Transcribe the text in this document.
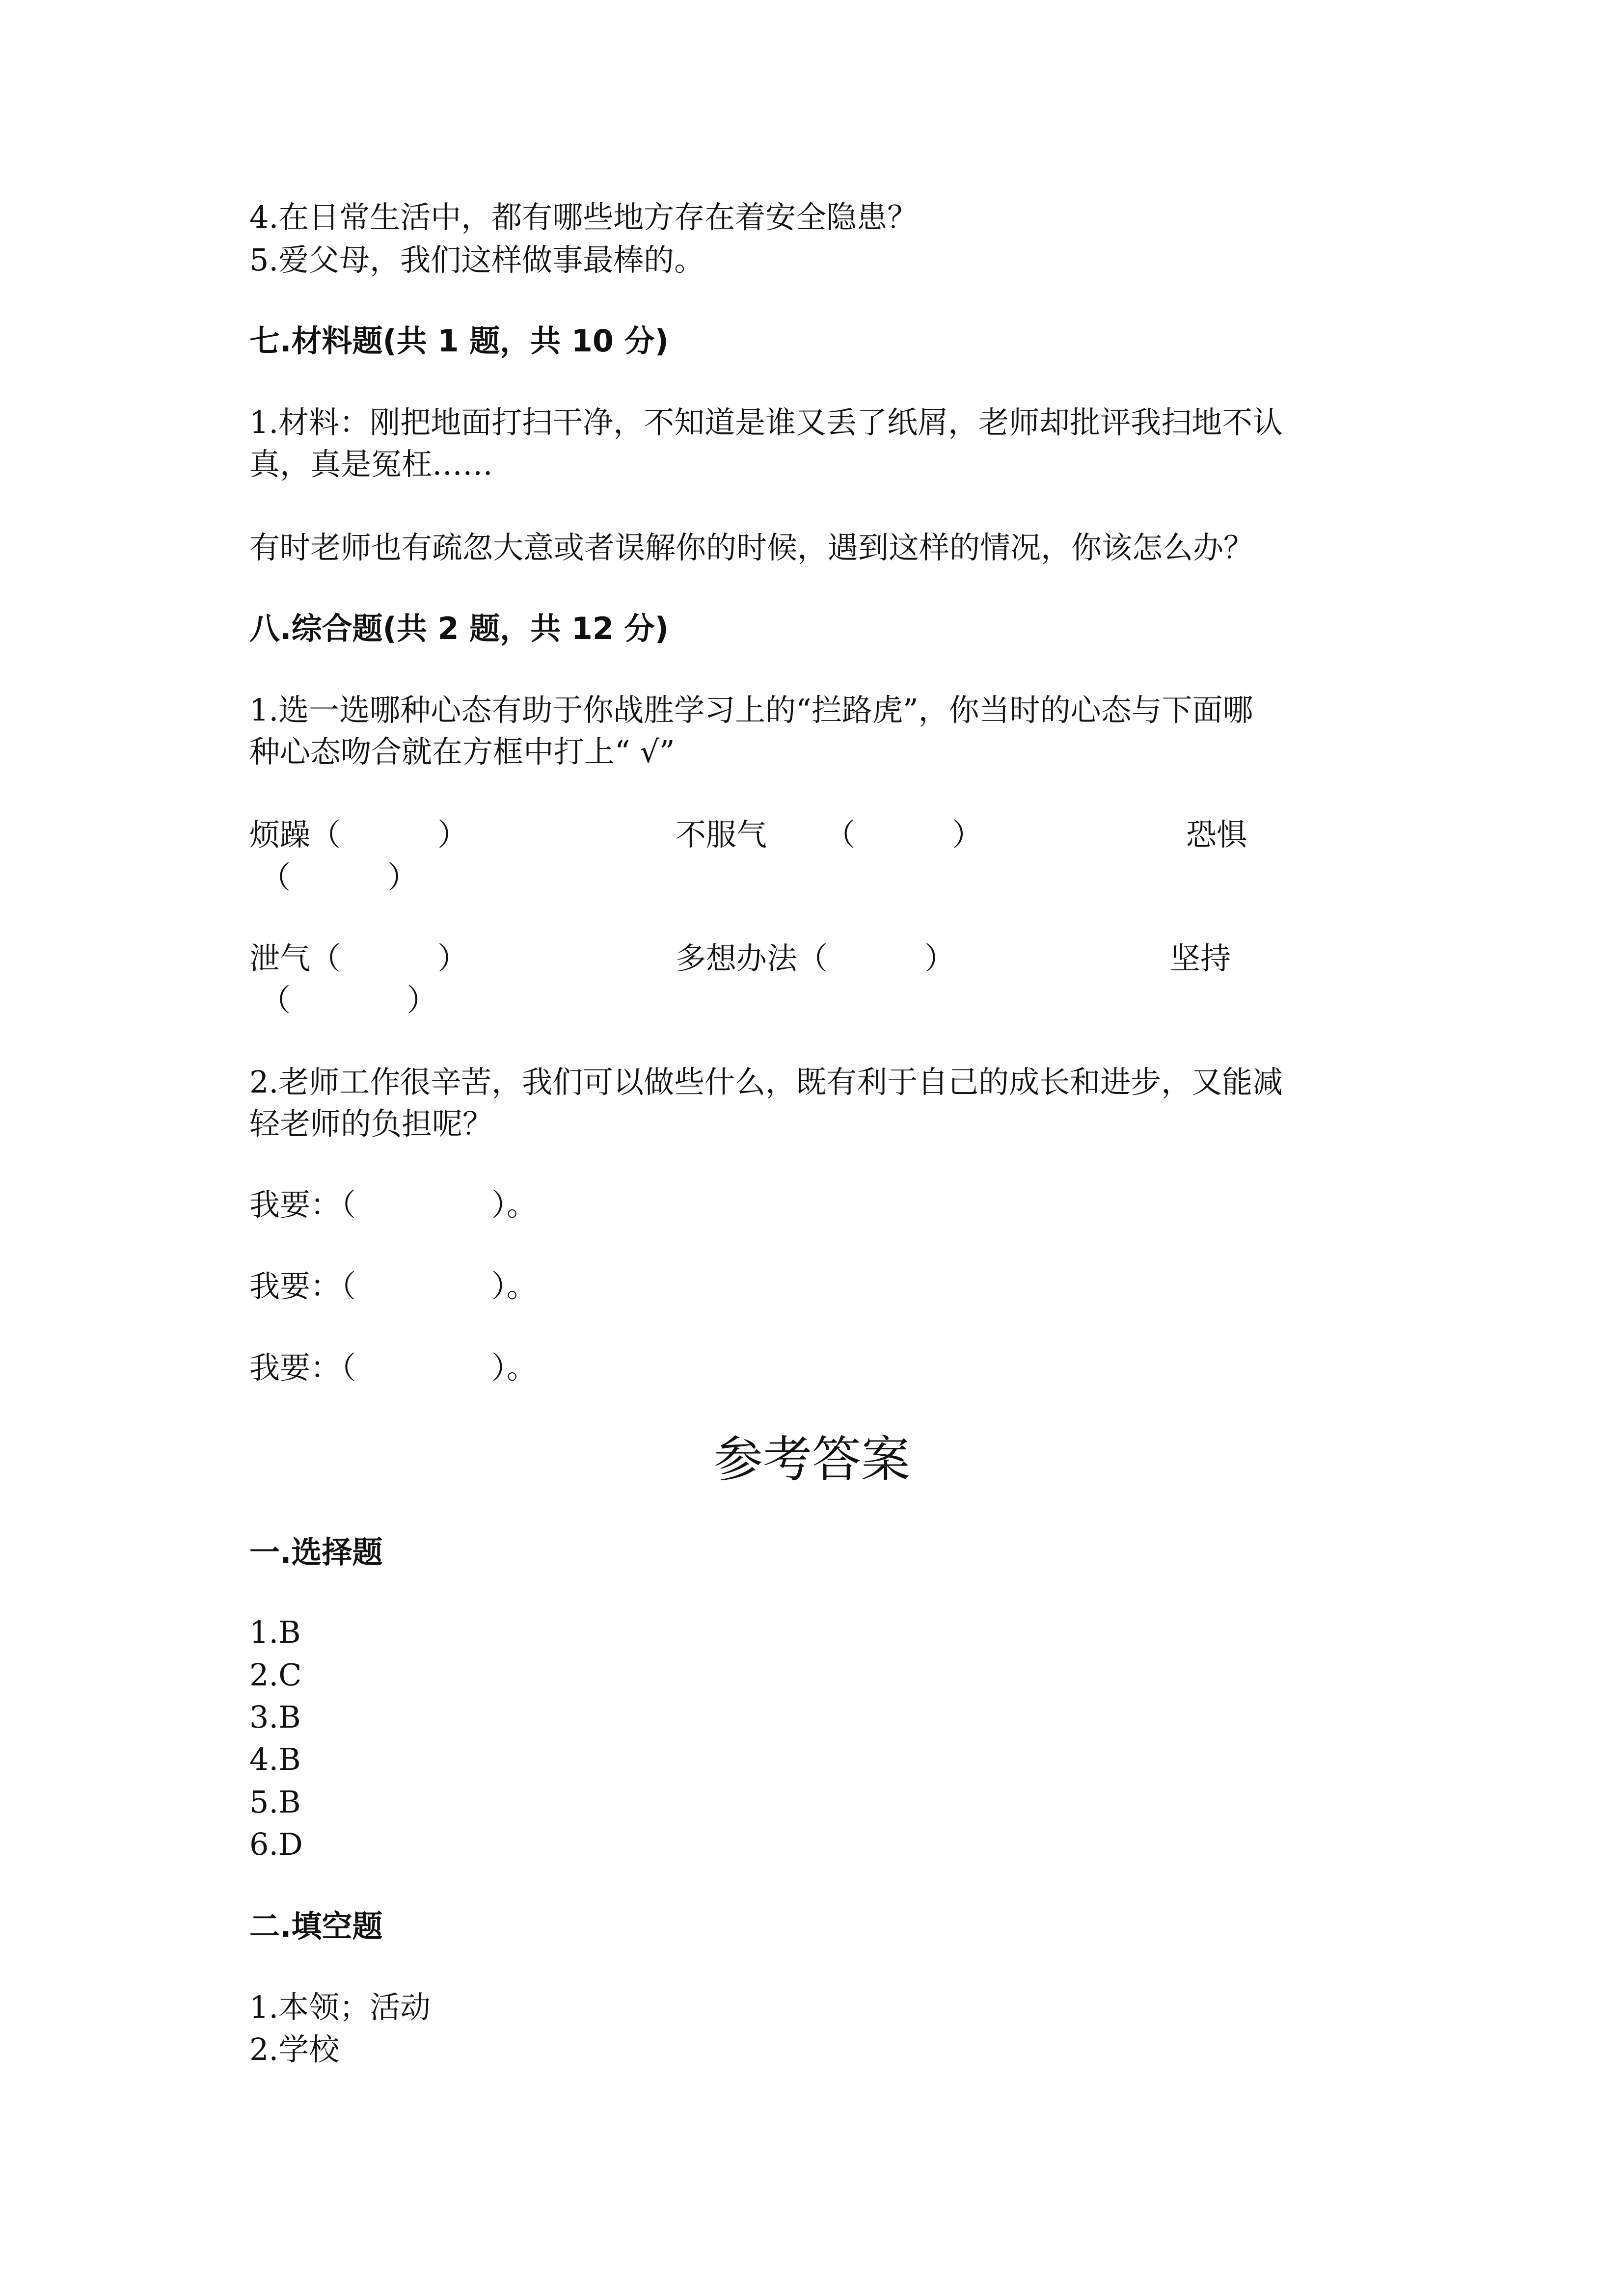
4.在日常生活中，都有哪些地方存在着安全隐患？
5.爱父母，我们这样做事最棒的。
七.材料题(共 1 题，共 10 分)
1.材料：刚把地面打扫干净，不知道是谁又丢了纸屑，老师却批评我扫地不认
真，真是冤枉……
有时老师也有疏忽大意或者误解你的时候，遇到这样的情况，你该怎么办？
八.综合题(共 2 题，共 12 分)
1.选一选哪种心态有助于你战胜学习上的“拦路虎”，你当时的心态与下面哪
种心态吻合就在方框中打上“ √”
烦躁（          ）	不服气      （          ）	恐惧
（          ）
泄气（          ）	多想办法（          ）	坚持
（            ）
2.老师工作很辛苦，我们可以做些什么，既有利于自己的成长和进步，又能减
轻老师的负担呢？
我要：（              ）。
我要：（              ）。
我要：（              ）。
参考答案
一.选择题
1.B
2.C
3.B
4.B
5.B
6.D
二.填空题
1.本领；活动
2.学校
